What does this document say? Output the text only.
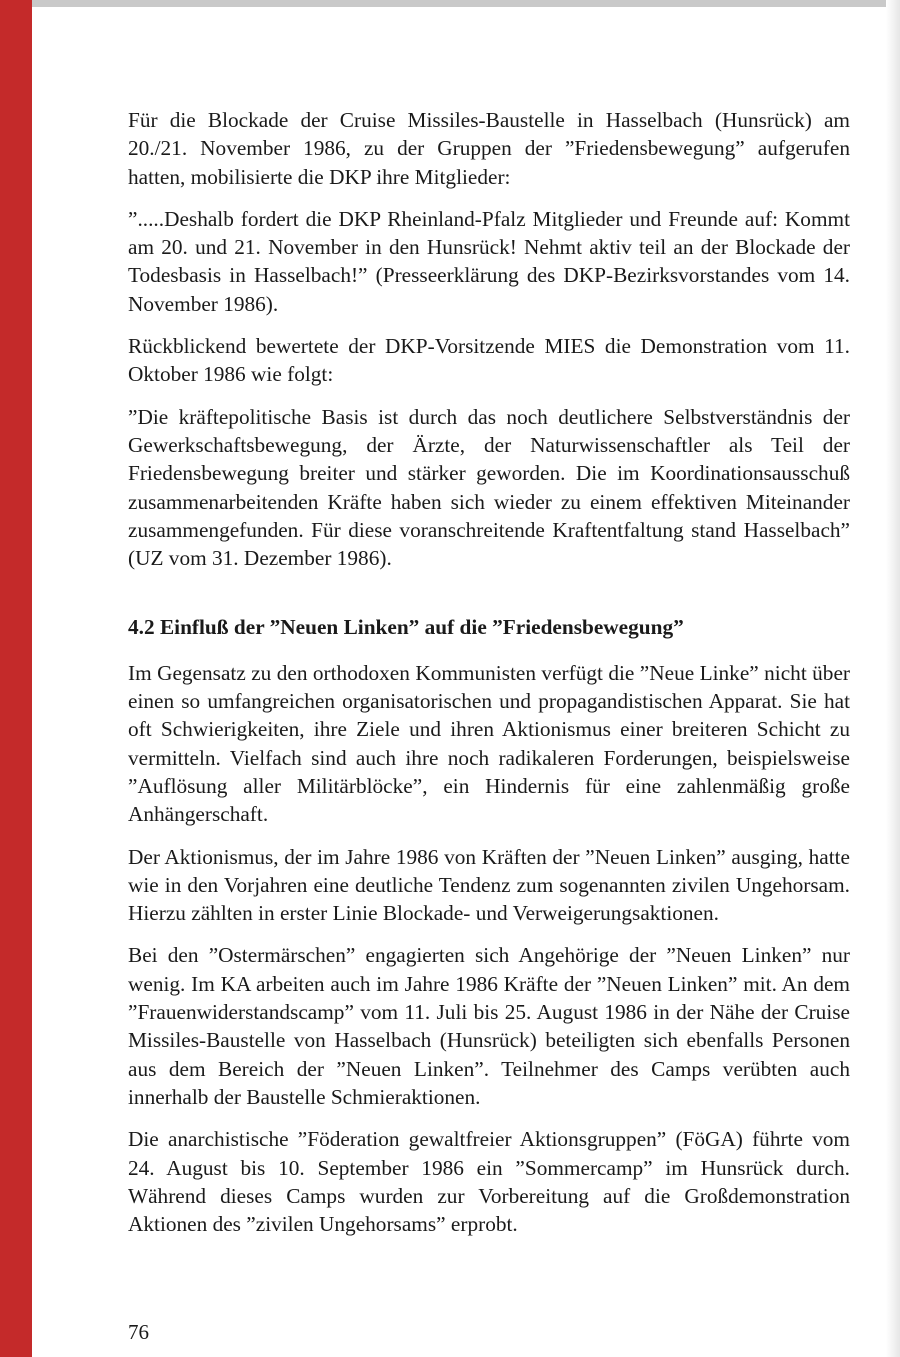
Für die Blockade der Cruise Missiles-Baustelle in Hasselbach (Hunsrück) am 20./21. November 1986, zu der Gruppen der ”Friedensbewegung” aufgerufen hatten, mobilisierte die DKP ihre Mitglieder:

”.....Deshalb fordert die DKP Rheinland-Pfalz Mitglieder und Freunde auf: Kommt am 20. und 21. November in den Hunsrück! Nehmt aktiv teil an der Blockade der Todesbasis in Hasselbach!” (Presseerklärung des DKP-Bezirksvorstandes vom 14. November 1986).

Rückblickend bewertete der DKP-Vorsitzende MIES die Demonstration vom 11. Oktober 1986 wie folgt:

”Die kräftepolitische Basis ist durch das noch deutlichere Selbstverständnis der Gewerkschaftsbewegung, der Ärzte, der Naturwissenschaftler als Teil der Friedensbewegung breiter und stärker geworden. Die im Koordinationsausschuß zusammenarbeitenden Kräfte haben sich wieder zu einem effektiven Miteinander zusammengefunden. Für diese voranschreitende Kraftentfaltung stand Hasselbach” (UZ vom 31. Dezember 1986).

4.2 Einfluß der ”Neuen Linken” auf die ”Friedensbewegung”

Im Gegensatz zu den orthodoxen Kommunisten verfügt die ”Neue Linke” nicht über einen so umfangreichen organisatorischen und propagandistischen Apparat. Sie hat oft Schwierigkeiten, ihre Ziele und ihren Aktionismus einer breiteren Schicht zu vermitteln. Vielfach sind auch ihre noch radikaleren Forderungen, beispielsweise ”Auflösung aller Militärblöcke”, ein Hindernis für eine zahlenmäßig große Anhängerschaft.

Der Aktionismus, der im Jahre 1986 von Kräften der ”Neuen Linken” ausging, hatte wie in den Vorjahren eine deutliche Tendenz zum sogenannten zivilen Ungehorsam. Hierzu zählten in erster Linie Blockade- und Verweigerungsaktionen.

Bei den ”Ostermärschen” engagierten sich Angehörige der ”Neuen Linken” nur wenig. Im KA arbeiten auch im Jahre 1986 Kräfte der ”Neuen Linken” mit. An dem ”Frauenwiderstandscamp” vom 11. Juli bis 25. August 1986 in der Nähe der Cruise Missiles-Baustelle von Hasselbach (Hunsrück) beteiligten sich ebenfalls Personen aus dem Bereich der ”Neuen Linken”. Teilnehmer des Camps verübten auch innerhalb der Baustelle Schmieraktionen.

Die anarchistische ”Föderation gewaltfreier Aktionsgruppen” (FöGA) führte vom 24. August bis 10. September 1986 ein ”Sommercamp” im Hunsrück durch. Während dieses Camps wurden zur Vorbereitung auf die Großdemonstration Aktionen des ”zivilen Ungehorsams” erprobt.

76
